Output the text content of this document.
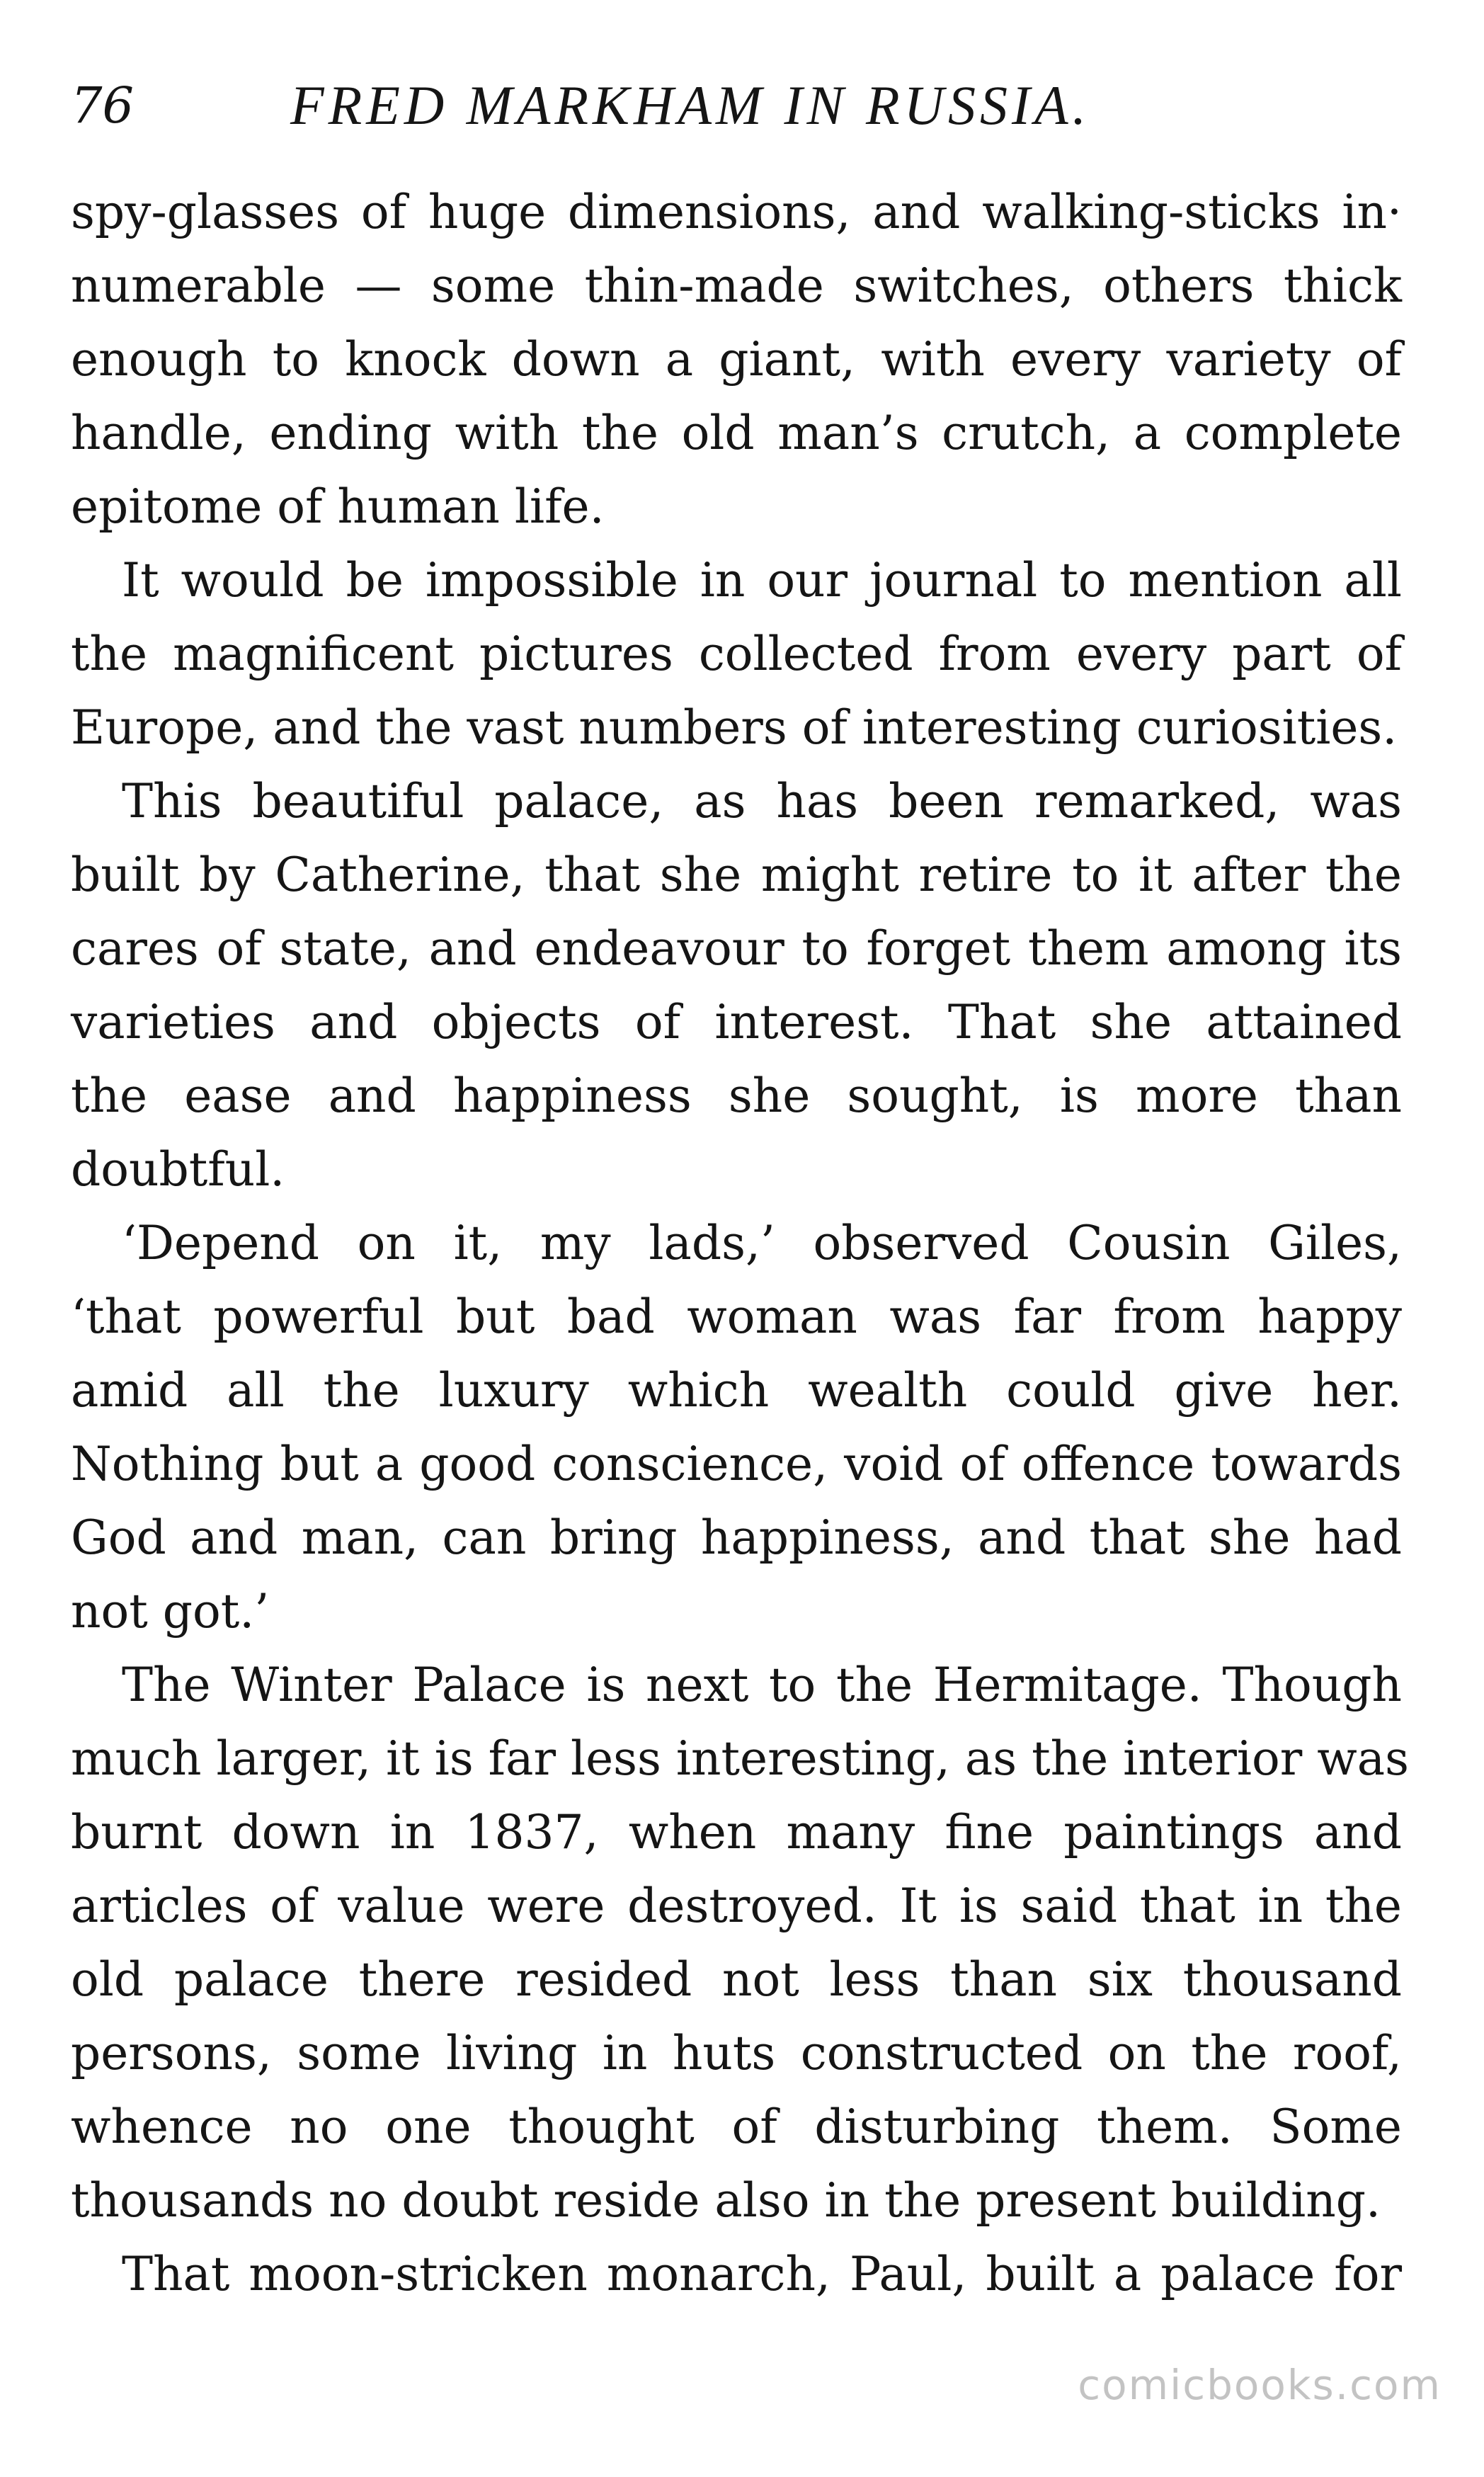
76	FRED MARKHAM IN RUSSIA.
spy-glasses of huge dimensions, and walking-sticks in·
numerable — some thin-made switches, others thick
enough to knock down a giant, with every variety of
handle, ending with the old man’s crutch, a complete
epitome of human life.
It would be impossible in our journal to mention all
the magnificent pictures collected from every part of
Europe, and the vast numbers of interesting curiosities.
This beautiful palace, as has been remarked, was
built by Catherine, that she might retire to it after the
cares of state, and endeavour to forget them among its
varieties and objects of interest. That she attained
the ease and happiness she sought, is more than
doubtful.
‘Depend on it, my lads,’ observed Cousin Giles,
‘that powerful but bad woman was far from happy
amid all the luxury which wealth could give her.
Nothing but a good conscience, void of offence towards
God and man, can bring happiness, and that she had
not got.’
The Winter Palace is next to the Hermitage. Though
much larger, it is far less interesting, as the interior was
burnt down in 1837, when many fine paintings and
articles of value were destroyed. It is said that in the
old palace there resided not less than six thousand
persons, some living in huts constructed on the roof,
whence no one thought of disturbing them. Some
thousands no doubt reside also in the present building.
That moon-stricken monarch, Paul, built a palace for
comicbooks.com
